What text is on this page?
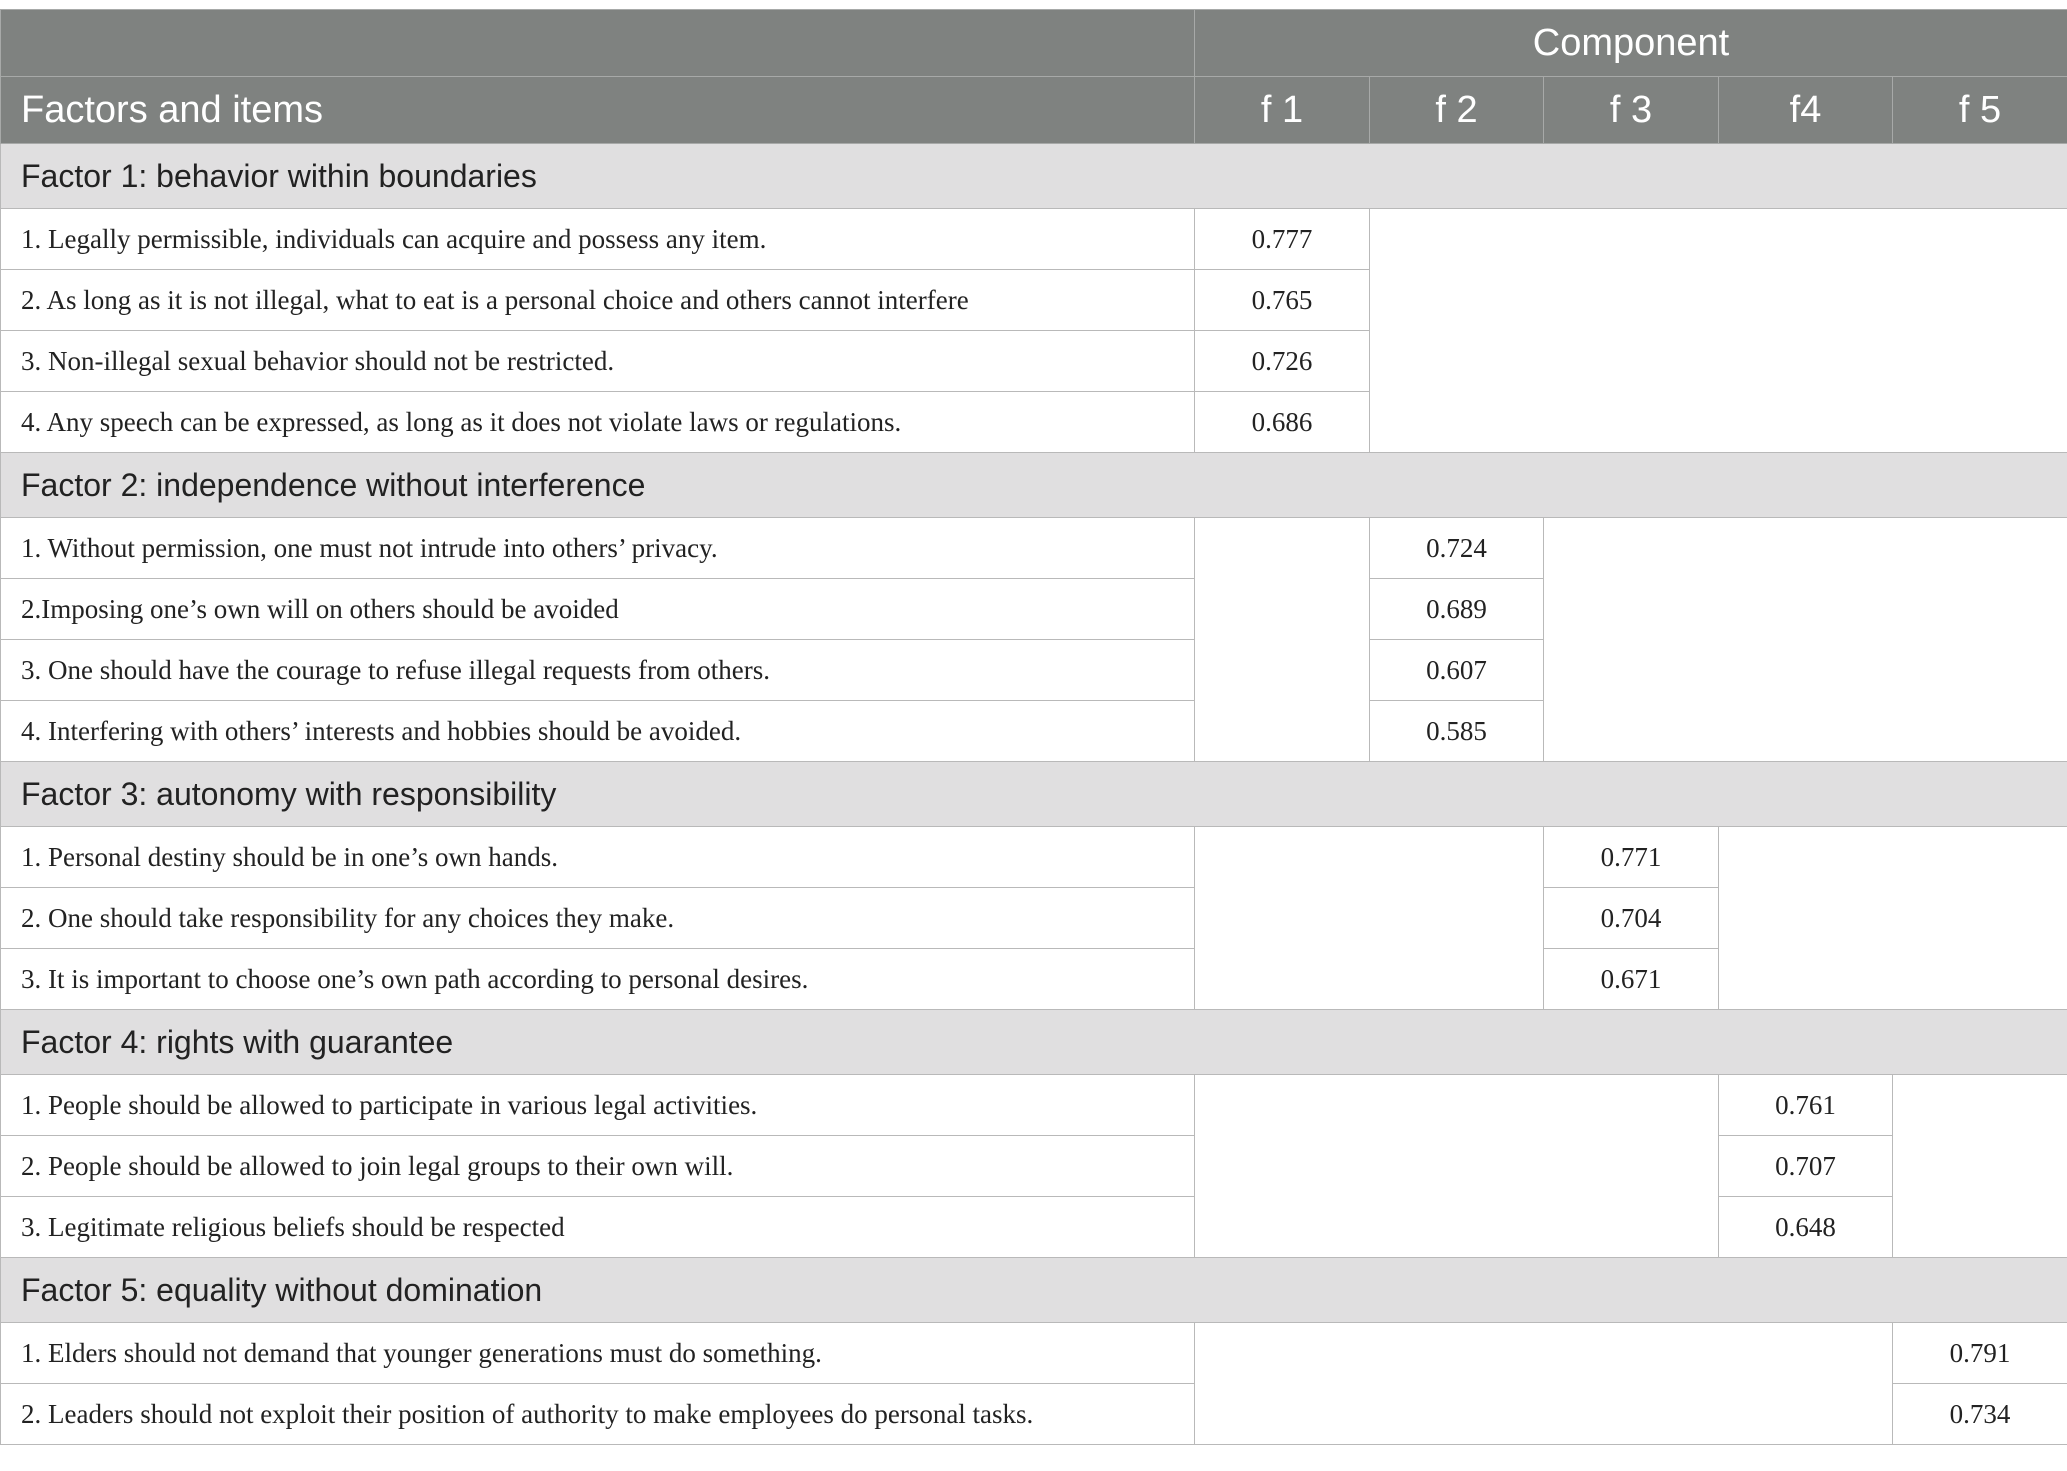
	Component				
Factors and items	f 1	f 2	f 3	f4	f 5
Factor 1: behavior within boundaries					
1. Legally permissible, individuals can acquire and possess any item.	0.777				
2. As long as it is not illegal, what to eat is a personal choice and others cannot interfere	0.765				
3. Non-illegal sexual behavior should not be restricted.	0.726				
4. Any speech can be expressed, as long as it does not violate laws or regulations.	0.686				
Factor 2: independence without interference					
1. Without permission, one must not intrude into others’ privacy.		0.724			
2.Imposing one’s own will on others should be avoided		0.689			
3. One should have the courage to refuse illegal requests from others.		0.607			
4. Interfering with others’ interests and hobbies should be avoided.		0.585			
Factor 3: autonomy with responsibility					
1. Personal destiny should be in one’s own hands.			0.771		
2. One should take responsibility for any choices they make.			0.704		
3. It is important to choose one’s own path according to personal desires.			0.671		
Factor 4: rights with guarantee					
1. People should be allowed to participate in various legal activities.				0.761	
2. People should be allowed to join legal groups to their own will.				0.707	
3. Legitimate religious beliefs should be respected				0.648	
Factor 5: equality without domination					
1. Elders should not demand that younger generations must do something.					0.791
2. Leaders should not exploit their position of authority to make employees do personal tasks.					0.734
